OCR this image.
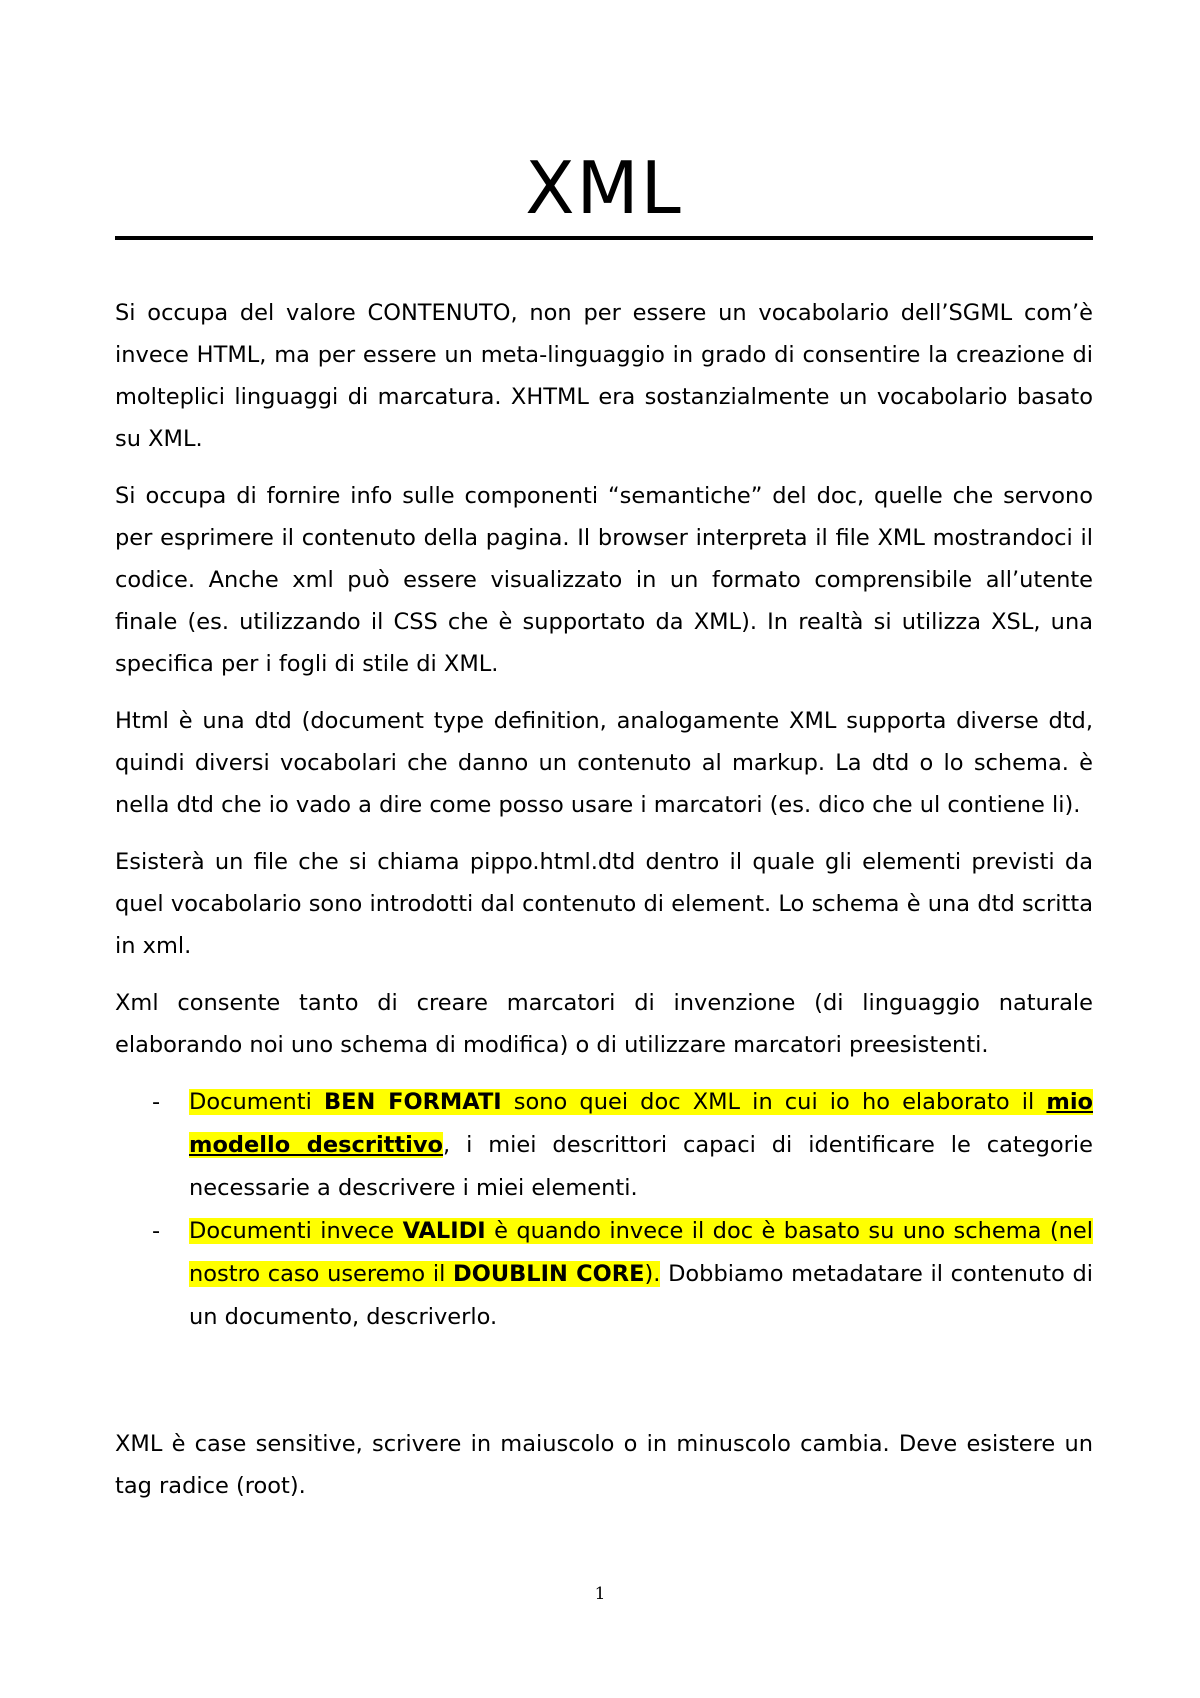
XML

Si occupa del valore CONTENUTO, non per essere un vocabolario dell’SGML com’è invece HTML, ma per essere un meta-linguaggio in grado di consentire la creazione di molteplici linguaggi di marcatura. XHTML era sostanzialmente un vocabolario basato su XML.

Si occupa di fornire info sulle componenti “semantiche” del doc, quelle che servono per esprimere il contenuto della pagina. Il browser interpreta il file XML mostrandoci il codice. Anche xml può essere visualizzato in un formato comprensibile all’utente finale (es. utilizzando il CSS che è supportato da XML). In realtà si utilizza XSL, una specifica per i fogli di stile di XML.

Html è una dtd (document type definition, analogamente XML supporta diverse dtd, quindi diversi vocabolari che danno un contenuto al markup. La dtd o lo schema. è nella dtd che io vado a dire come posso usare i marcatori (es. dico che ul contiene li).

Esisterà un file che si chiama pippo.html.dtd dentro il quale gli elementi previsti da quel vocabolario sono introdotti dal contenuto di element. Lo schema è una dtd scritta in xml.

Xml consente tanto di creare marcatori di invenzione (di linguaggio naturale elaborando noi uno schema di modifica) o di utilizzare marcatori preesistenti.

- Documenti BEN FORMATI sono quei doc XML in cui io ho elaborato il mio modello descrittivo, i miei descrittori capaci di identificare le categorie necessarie a descrivere i miei elementi.
- Documenti invece VALIDI è quando invece il doc è basato su uno schema (nel nostro caso useremo il DOUBLIN CORE). Dobbiamo metadatare il contenuto di un documento, descriverlo.

XML è case sensitive, scrivere in maiuscolo o in minuscolo cambia. Deve esistere un tag radice (root).

1
